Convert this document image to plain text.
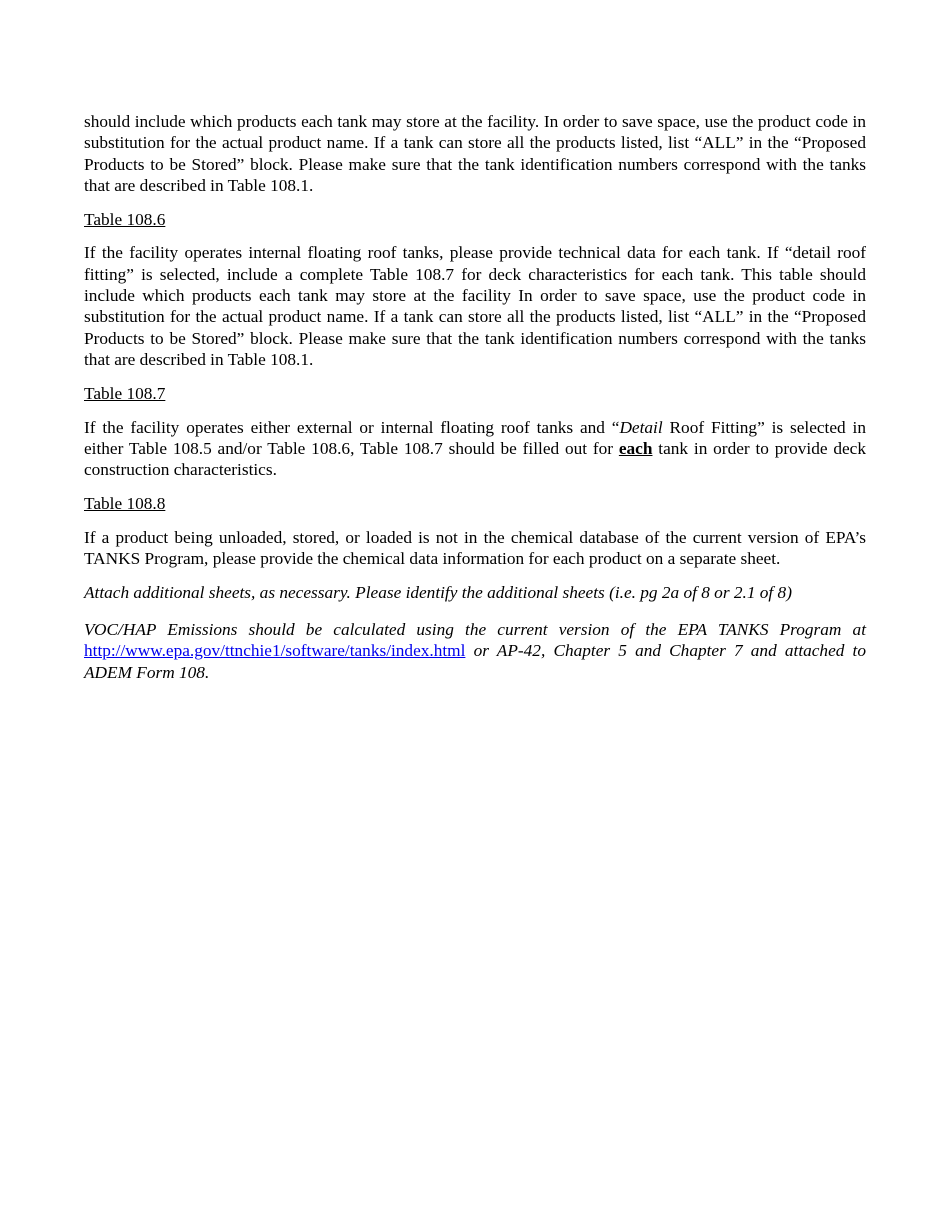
should include which products each tank may store at the facility. In order to save space, use the product code in substitution for the actual product name. If a tank can store all the products listed, list “ALL” in the “Proposed Products to be Stored” block. Please make sure that the tank identification numbers correspond with the tanks that are described in Table 108.1.

Table 108.6

If the facility operates internal floating roof tanks, please provide technical data for each tank. If “detail roof fitting” is selected, include a complete Table 108.7 for deck characteristics for each tank. This table should include which products each tank may store at the facility In order to save space, use the product code in substitution for the actual product name. If a tank can store all the products listed, list “ALL” in the “Proposed Products to be Stored” block. Please make sure that the tank identification numbers correspond with the tanks that are described in Table 108.1.

Table 108.7

If the facility operates either external or internal floating roof tanks and “Detail Roof Fitting” is selected in either Table 108.5 and/or Table 108.6, Table 108.7 should be filled out for each tank in order to provide deck construction characteristics.

Table 108.8

If a product being unloaded, stored, or loaded is not in the chemical database of the current version of EPA’s TANKS Program, please provide the chemical data information for each product on a separate sheet.

Attach additional sheets, as necessary. Please identify the additional sheets (i.e. pg 2a of 8 or 2.1 of 8)

VOC/HAP Emissions should be calculated using the current version of the EPA TANKS Program at http://www.epa.gov/ttnchie1/software/tanks/index.html or AP-42, Chapter 5 and Chapter 7 and attached to ADEM Form 108.
